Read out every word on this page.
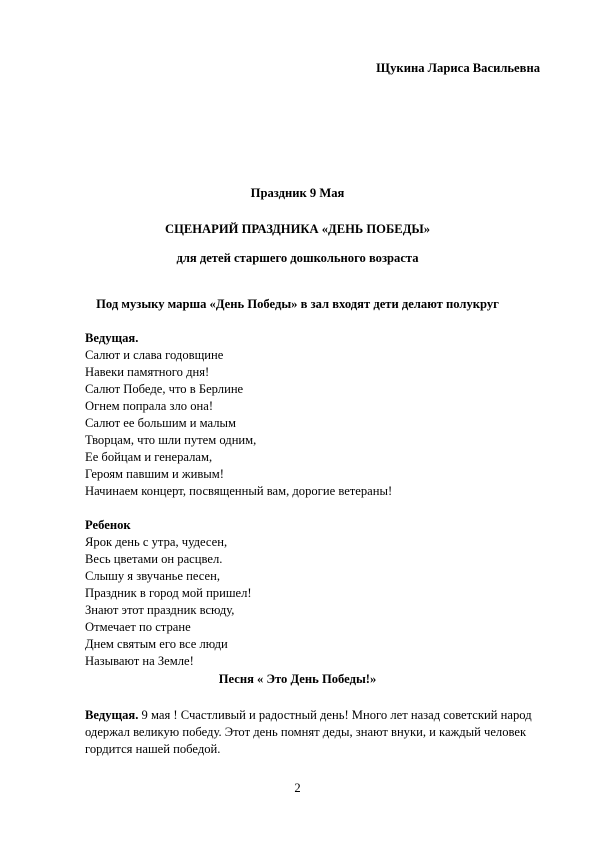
Щукина Лариса Васильевна
Праздник 9 Мая
СЦЕНАРИЙ ПРАЗДНИКА «ДЕНЬ ПОБЕДЫ»
для детей старшего дошкольного возраста
Под музыку марша «День Победы» в зал входят дети делают полукруг
Ведущая.
Салют и слава годовщине
Навеки памятного дня!
Салют Победе, что в Берлине
Огнем попрала зло она!
Салют ее большим и малым
Творцам, что шли путем одним,
Ее бойцам и генералам,
Героям павшим и живым!
Начинаем концерт, посвященный вам, дорогие ветераны!
Ребенок
Ярок день с утра, чудесен,
Весь цветами он расцвел.
Слышу я звучанье песен,
Праздник в город мой пришел!
Знают этот праздник всюду,
Отмечает по стране
Днем святым его все люди
Называют на Земле!
Песня « Это День Победы!»
Ведущая. 9 мая ! Счастливый и радостный день! Много лет назад советский народ одержал великую победу. Этот день помнят деды, знают внуки, и каждый человек гордится нашей победой.
2
